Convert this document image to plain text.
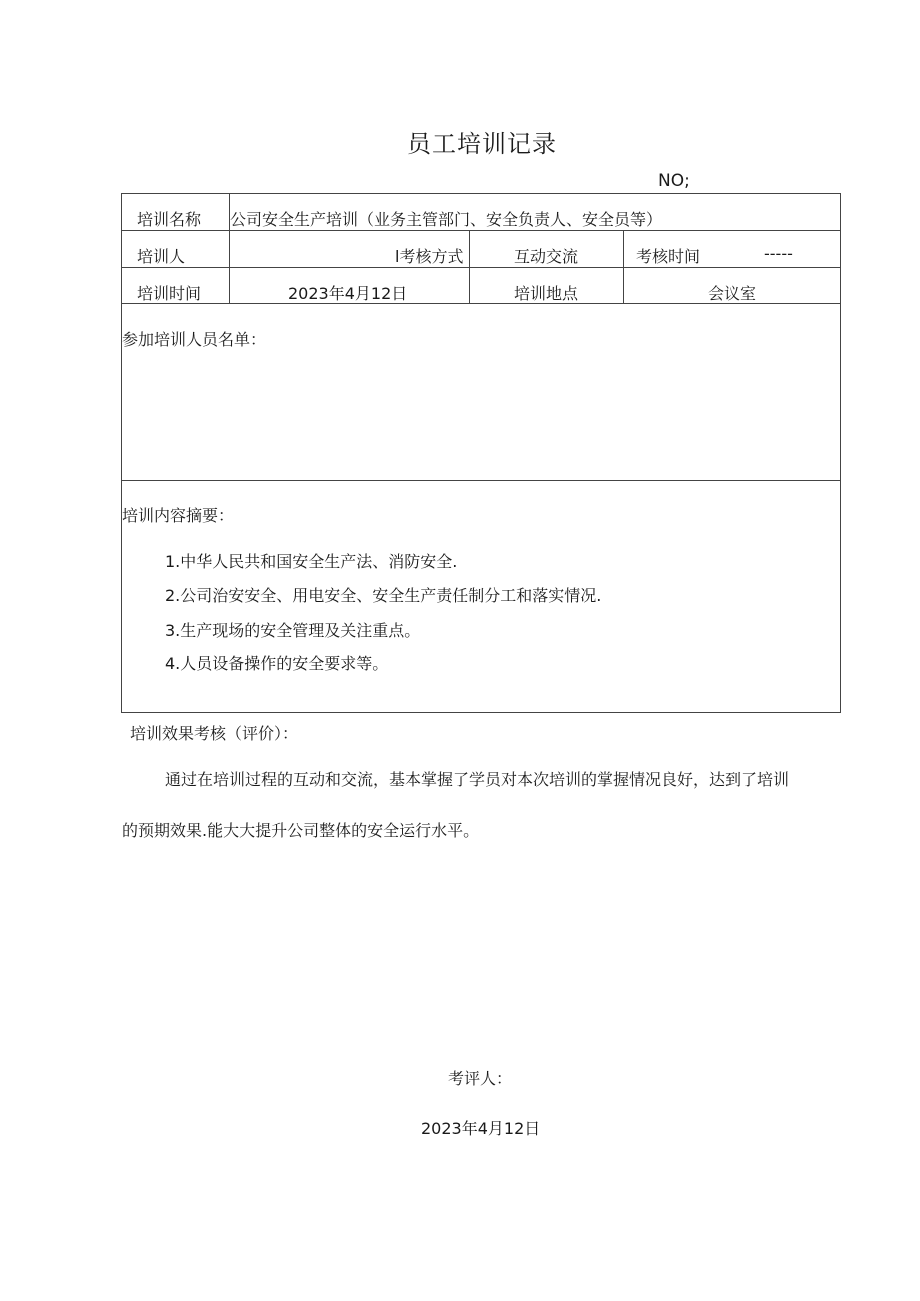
员工培训记录
NO;
培训名称 公司安全生产培训（业务主管部门、安全负责人、安全员等）
培训人	l考核方式	互动交流	考核时间	-----
培训时间	2023年4月12日	培训地点	会议室
参加培训人员名单：
培训内容摘要：
1.中华人民共和国安全生产法、消防安全.
2.公司治安安全、用电安全、安全生产责任制分工和落实情况.
3.生产现场的安全管理及关注重点。
4.人员设备操作的安全要求等。
培训效果考核（评价）：
通过在培训过程的互动和交流，基本掌握了学员对本次培训的掌握情况良好，达到了培训
的预期效果.能大大提升公司整体的安全运行水平。
考评人：
2023年4月12日
